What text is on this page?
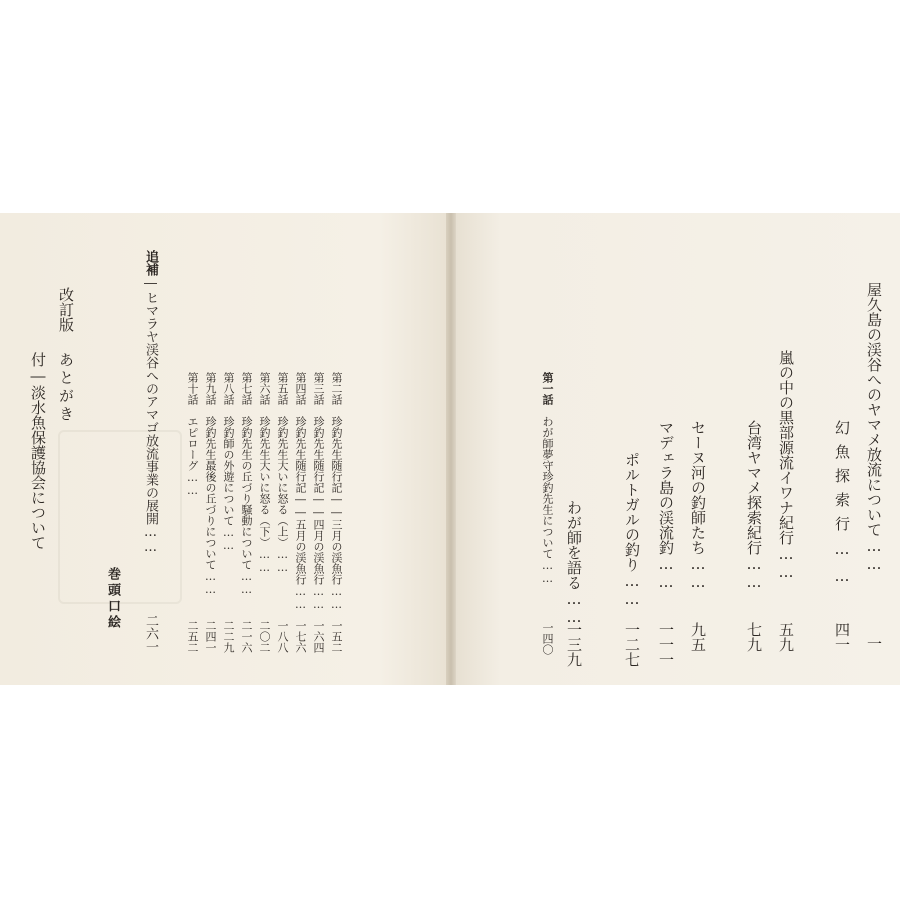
追補―ヒマラヤ渓谷へのアマゴ放流事業の展開……
二六一
第二話　珍釣先生随行記――三月の渓魚行……
一五二
第三話　珍釣先生随行記――四月の渓魚行……
一六四
第四話　珍釣先生随行記――五月の渓魚行……
一七六
第五話　珍釣先生大いに怒る（上）……
一八八
第六話　珍釣先生大いに怒る（下）……
二〇二
第七話　珍釣先生の丘づり騒動について……
二一六
第八話　珍釣師の外遊について……
二二九
第九話　珍釣先生最後の丘づりについて……
二四一
第十話　エピローグ……
二五二
巻頭口絵
改訂版
あとがき
付―淡水魚保護協会について	屋久島の渓谷へのヤマメ放流について……
一
幻魚探索行……
四一
嵐の中の黒部源流イワナ紀行……
五九
台湾ヤマメ探索紀行……
七九
セーヌ河の釣師たち……
九五
マデェラ島の渓流釣……
一一一
ポルトガルの釣り……
一二七
わが師を語る……
一三九
第一話　わが師夢守珍釣先生について……
一四〇
